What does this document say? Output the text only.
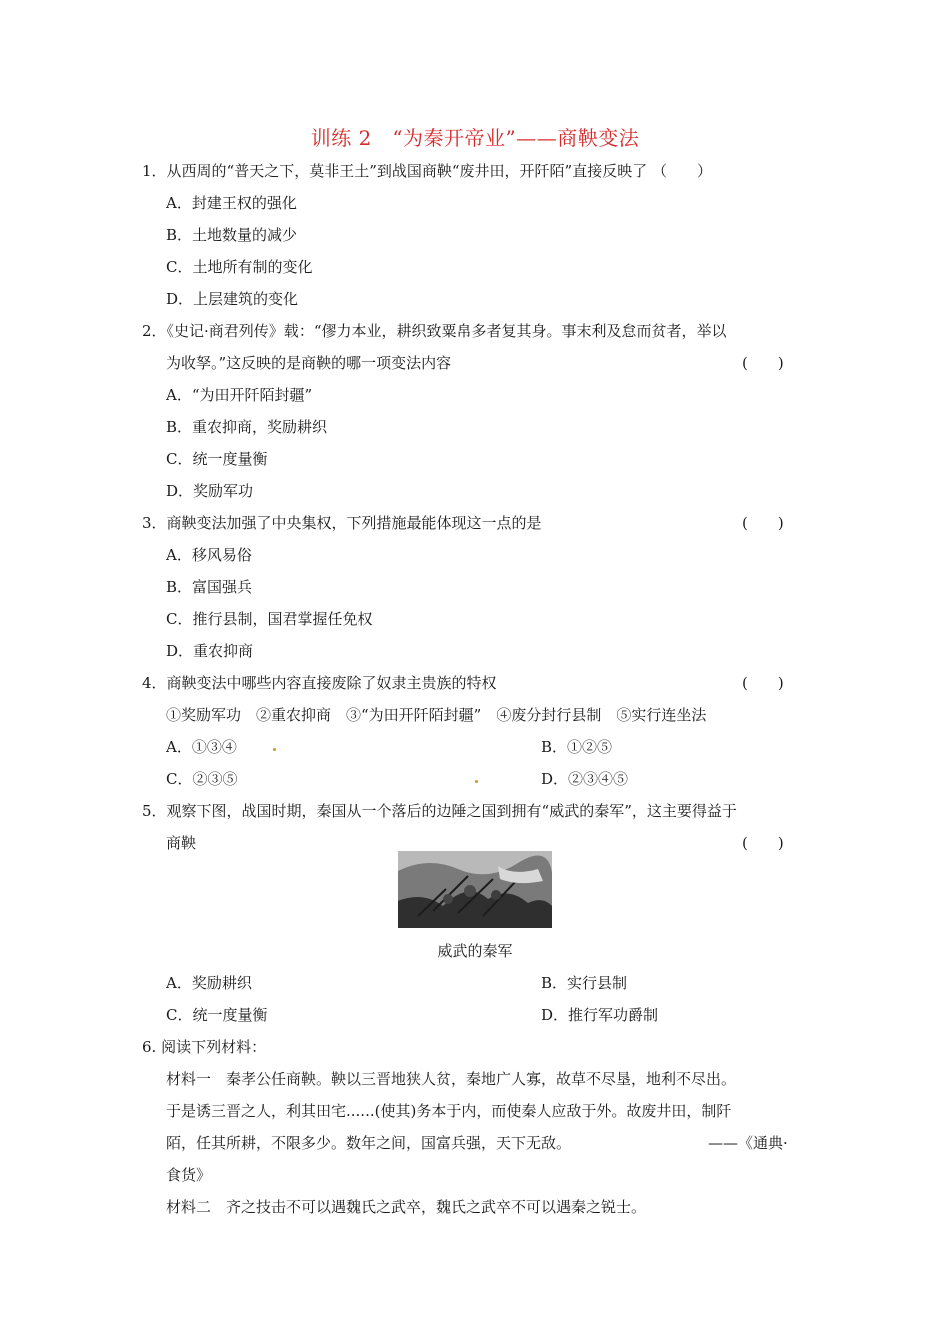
训练 2　“为秦开帝业”——商鞅变法
1．从西周的“普天之下，莫非王土”到战国商鞅“废井田，开阡陌”直接反映了 （　　）
A．封建王权的强化
B．土地数量的减少
C．土地所有制的变化
D．上层建筑的变化
2．《史记·商君列传》载：“僇力本业，耕织致粟帛多者复其身。事末利及怠而贫者，举以
为收孥。”这反映的是商鞅的哪一项变法内容	(　　)
A．“为田开阡陌封疆”
B．重农抑商，奖励耕织
C．统一度量衡
D．奖励军功
3．商鞅变法加强了中央集权，下列措施最能体现这一点的是	(　　)
A．移风易俗
B．富国强兵
C．推行县制，国君掌握任免权
D．重农抑商
4．商鞅变法中哪些内容直接废除了奴隶主贵族的特权	(　　)
①奖励军功　②重农抑商　③“为田开阡陌封疆”　④废分封行县制　⑤实行连坐法
A．①③④	B．①②⑤
C．②③⑤	D．②③④⑤
5．观察下图，战国时期，秦国从一个落后的边陲之国到拥有“威武的秦军”，这主要得益于
商鞅	(　　)
威武的秦军
A．奖励耕织	B．实行县制
C．统一度量衡	D．推行军功爵制
6. 阅读下列材料：
材料一　秦孝公任商鞅。鞅以三晋地狭人贫，秦地广人寡，故草不尽垦，地利不尽出。
于是诱三晋之人，利其田宅......(使其)务本于内，而使秦人应敌于外。故废井田，制阡
陌，任其所耕，不限多少。数年之间，国富兵强，天下无敌。	——《通典·
食货》
材料二　齐之技击不可以遇魏氏之武卒，魏氏之武卒不可以遇秦之锐士。
